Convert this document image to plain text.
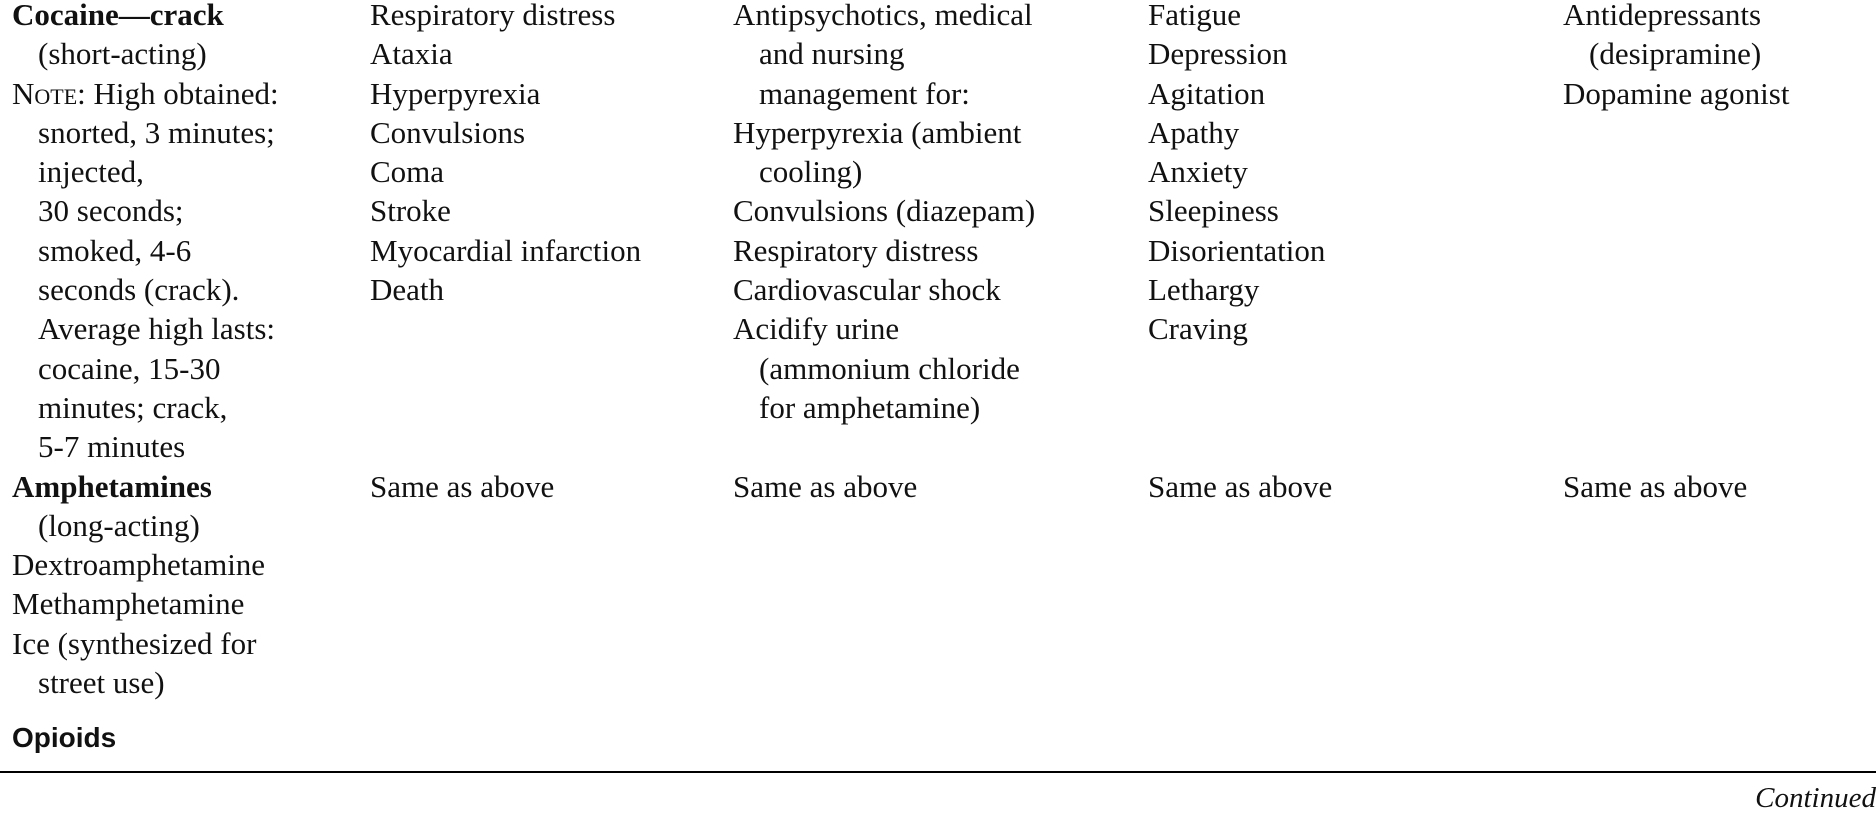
Cocaine—crack
(short-acting)
Note: High obtained:
snorted, 3 minutes;
injected,
30 seconds;
smoked, 4-6
seconds (crack).
Average high lasts:
cocaine, 15-30
minutes; crack,
5-7 minutes
Amphetamines
(long-acting)
Dextroamphetamine
Methamphetamine
Ice (synthesized for
street use)
Respiratory distress
Ataxia
Hyperpyrexia
Convulsions
Coma
Stroke
Myocardial infarction
Death

Same as above
Antipsychotics, medical
and nursing
management for:
Hyperpyrexia (ambient
cooling)
Convulsions (diazepam)
Respiratory distress
Cardiovascular shock
Acidify urine
(ammonium chloride
for amphetamine)

Same as above
Fatigue
Depression
Agitation
Apathy
Anxiety
Sleepiness
Disorientation
Lethargy
Craving

Same as above
Antidepressants
(desipramine)
Dopamine agonist

Same as above
Opioids
Continued
